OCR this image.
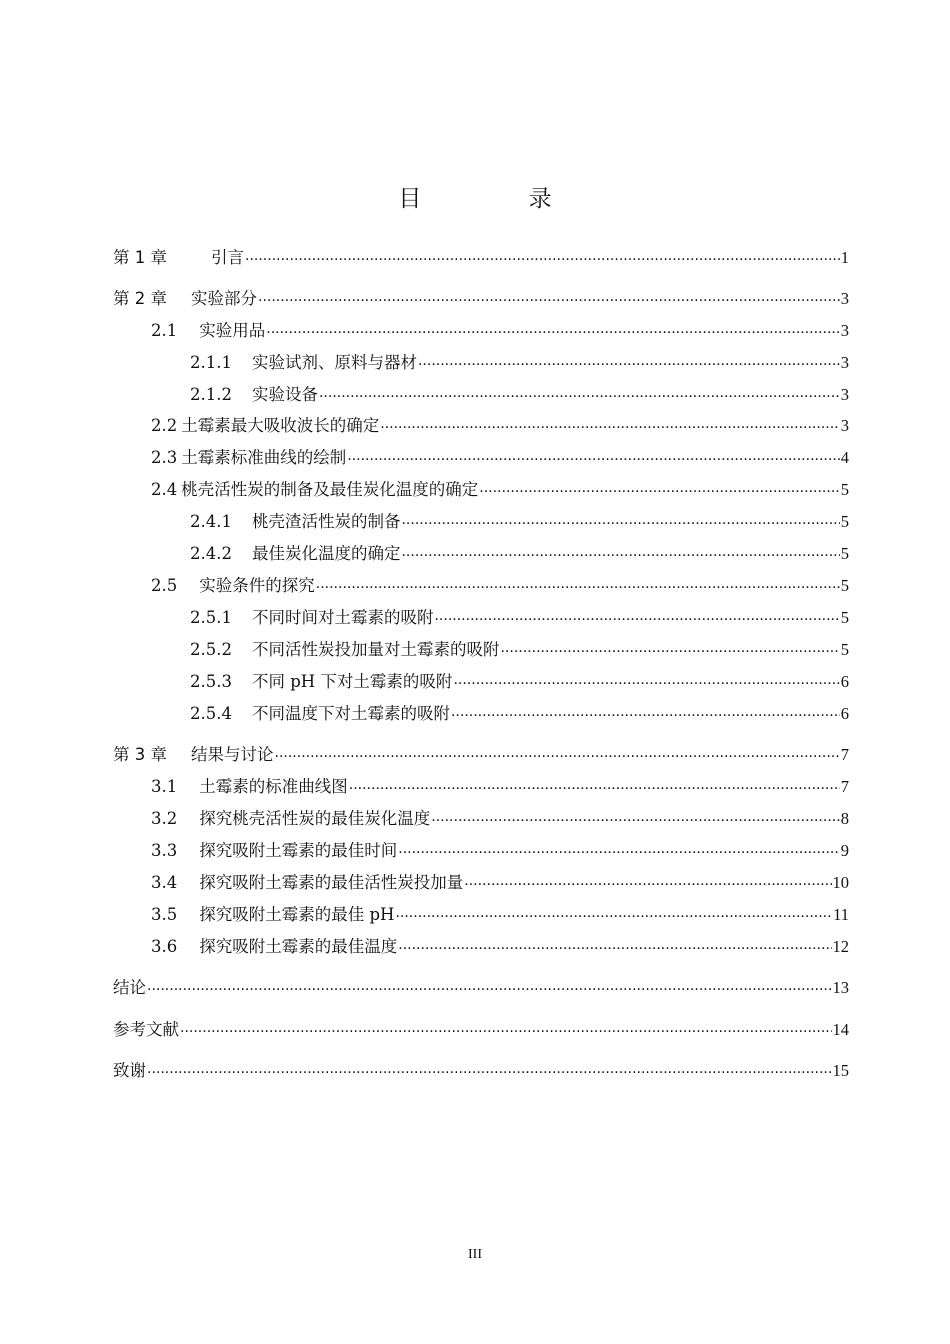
目 录
第 1 章	引言 .....	1
第 2 章 实验部分 .....	3
2.1 实验用品 .....	3
2.1.1 实验试剂、原料与器材 .....	3
2.1.2 实验设备 .....	3
2.2 土霉素最大吸收波长的确定 .....	3
2.3 土霉素标准曲线的绘制 .....	4
2.4 桃壳活性炭的制备及最佳炭化温度的确定 .....	5
2.4.1 桃壳渣活性炭的制备 .....	5
2.4.2 最佳炭化温度的确定 .....	5
2.5 实验条件的探究 .....	5
2.5.1 不同时间对土霉素的吸附 .....	5
2.5.2 不同活性炭投加量对土霉素的吸附 .....	5
2.5.3 不同 pH 下对土霉素的吸附 .....	6
2.5.4 不同温度下对土霉素的吸附 .....	6
第 3 章 结果与讨论 .....	7
3.1 土霉素的标准曲线图 .....	7
3.2 探究桃壳活性炭的最佳炭化温度 .....	8
3.3 探究吸附土霉素的最佳时间 .....	9
3.4 探究吸附土霉素的最佳活性炭投加量 .....	10
3.5 探究吸附土霉素的最佳 pH .....	11
3.6 探究吸附土霉素的最佳温度 .....	12
结论 .....	13
参考文献 .....	14
致谢 .....	15
III
